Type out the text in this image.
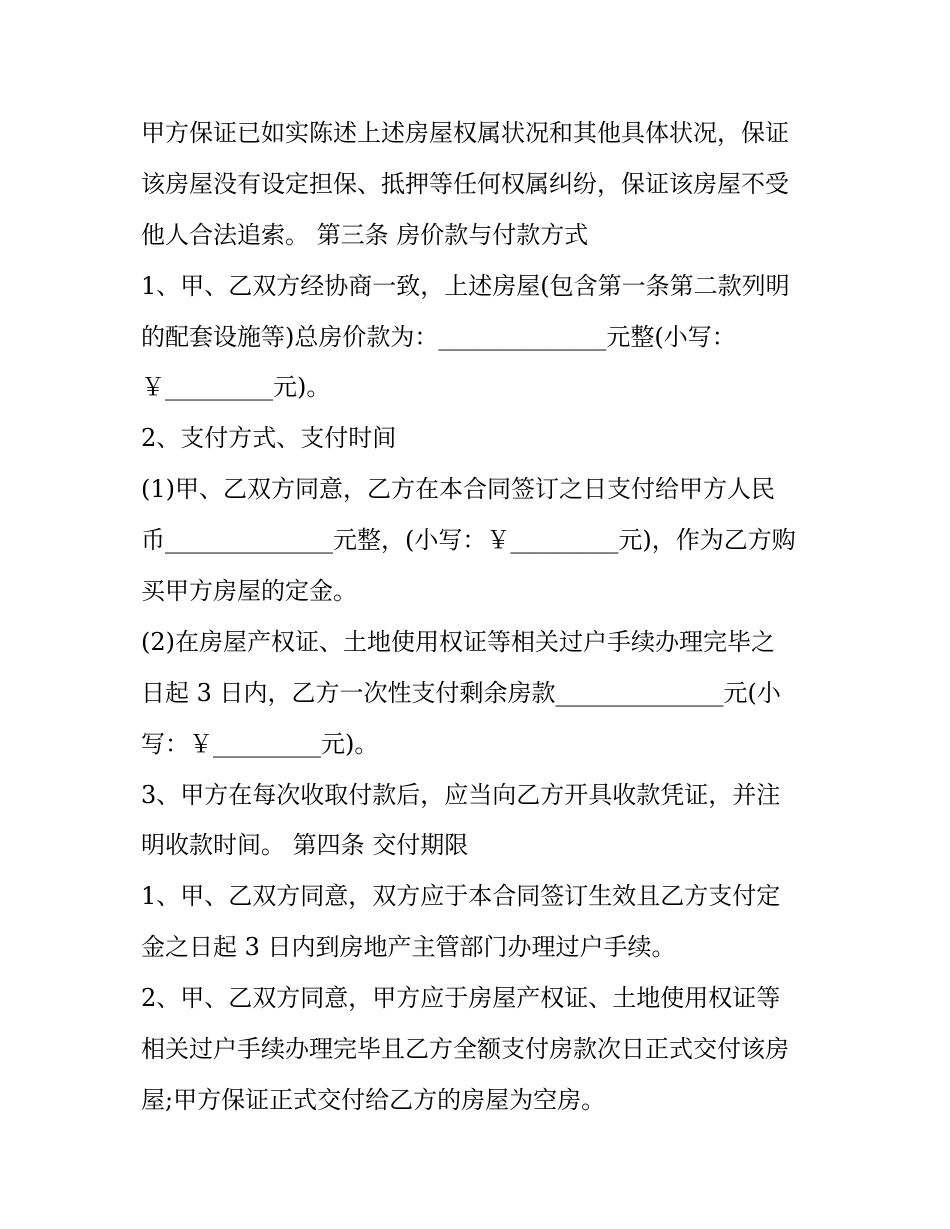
甲方保证已如实陈述上述房屋权属状况和其他具体状况，保证
该房屋没有设定担保、抵押等任何权属纠纷，保证该房屋不受
他人合法追索。 第三条 房价款与付款方式
1、甲、乙双方经协商一致，上述房屋(包含第一条第二款列明
的配套设施等)总房价款为：______________元整(小写：
￥_________元)。
2、支付方式、支付时间
(1)甲、乙双方同意，乙方在本合同签订之日支付给甲方人民
币______________元整，(小写：￥_________元)，作为乙方购
买甲方房屋的定金。
(2)在房屋产权证、土地使用权证等相关过户手续办理完毕之
日起 3 日内，乙方一次性支付剩余房款______________元(小
写：￥_________元)。
3、甲方在每次收取付款后，应当向乙方开具收款凭证，并注
明收款时间。 第四条 交付期限
1、甲、乙双方同意，双方应于本合同签订生效且乙方支付定
金之日起 3 日内到房地产主管部门办理过户手续。
2、甲、乙双方同意，甲方应于房屋产权证、土地使用权证等
相关过户手续办理完毕且乙方全额支付房款次日正式交付该房
屋;甲方保证正式交付给乙方的房屋为空房。
